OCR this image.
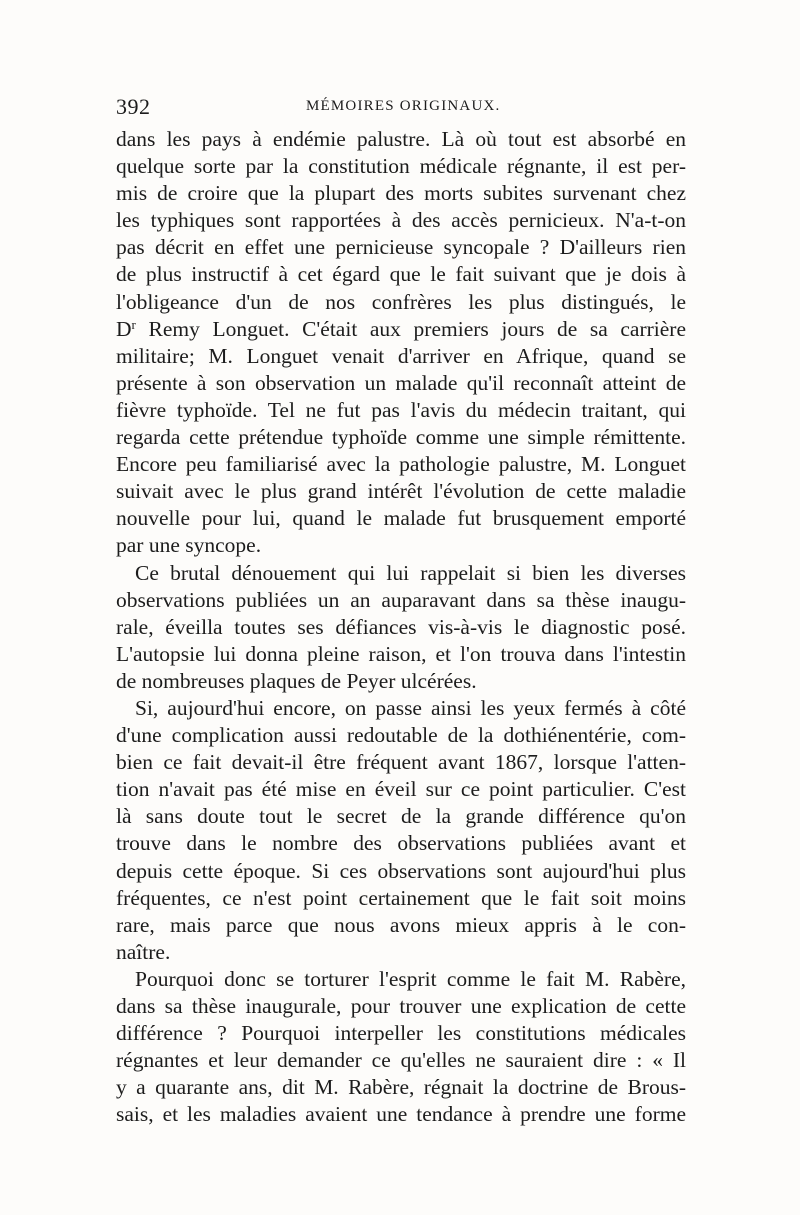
392	MÉMOIRES ORIGINAUX.
dans les pays à endémie palustre. Là où tout est absorbé en
quelque sorte par la constitution médicale régnante, il est per-
mis de croire que la plupart des morts subites survenant chez
les typhiques sont rapportées à des accès pernicieux. N'a-t-on
pas décrit en effet une pernicieuse syncopale ? D'ailleurs rien
de plus instructif à cet égard que le fait suivant que je dois à
l'obligeance d'un de nos confrères les plus distingués, le
$D^r$ Remy Longuet. C'était aux premiers jours de sa carrière
militaire; M. Longuet venait d'arriver en Afrique, quand se
présente à son observation un malade qu'il reconnaît atteint de
fièvre typhoïde. Tel ne fut pas l'avis du médecin traitant, qui
regarda cette prétendue typhoïde comme une simple rémittente.
Encore peu familiarisé avec la pathologie palustre, M. Longuet
suivait avec le plus grand intérêt l'évolution de cette maladie
nouvelle pour lui, quand le malade fut brusquement emporté
par une syncope.
Ce brutal dénouement qui lui rappelait si bien les diverses
observations publiées un an auparavant dans sa thèse inaugu-
rale, éveilla toutes ses défiances vis-à-vis le diagnostic posé.
L'autopsie lui donna pleine raison, et l'on trouva dans l'intestin
de nombreuses plaques de Peyer ulcérées.
Si, aujourd'hui encore, on passe ainsi les yeux fermés à côté
d'une complication aussi redoutable de la dothiénentérie, com-
bien ce fait devait-il être fréquent avant 1867, lorsque l'atten-
tion n'avait pas été mise en éveil sur ce point particulier. C'est
là sans doute tout le secret de la grande différence qu'on
trouve dans le nombre des observations publiées avant et
depuis cette époque. Si ces observations sont aujourd'hui plus
fréquentes, ce n'est point certainement que le fait soit moins
rare, mais parce que nous avons mieux appris à le con-
naître.
Pourquoi donc se torturer l'esprit comme le fait M. Rabère,
dans sa thèse inaugurale, pour trouver une explication de cette
différence ? Pourquoi interpeller les constitutions médicales
régnantes et leur demander ce qu'elles ne sauraient dire : « Il
y a quarante ans, dit M. Rabère, régnait la doctrine de Brous-
sais, et les maladies avaient une tendance à prendre une forme
